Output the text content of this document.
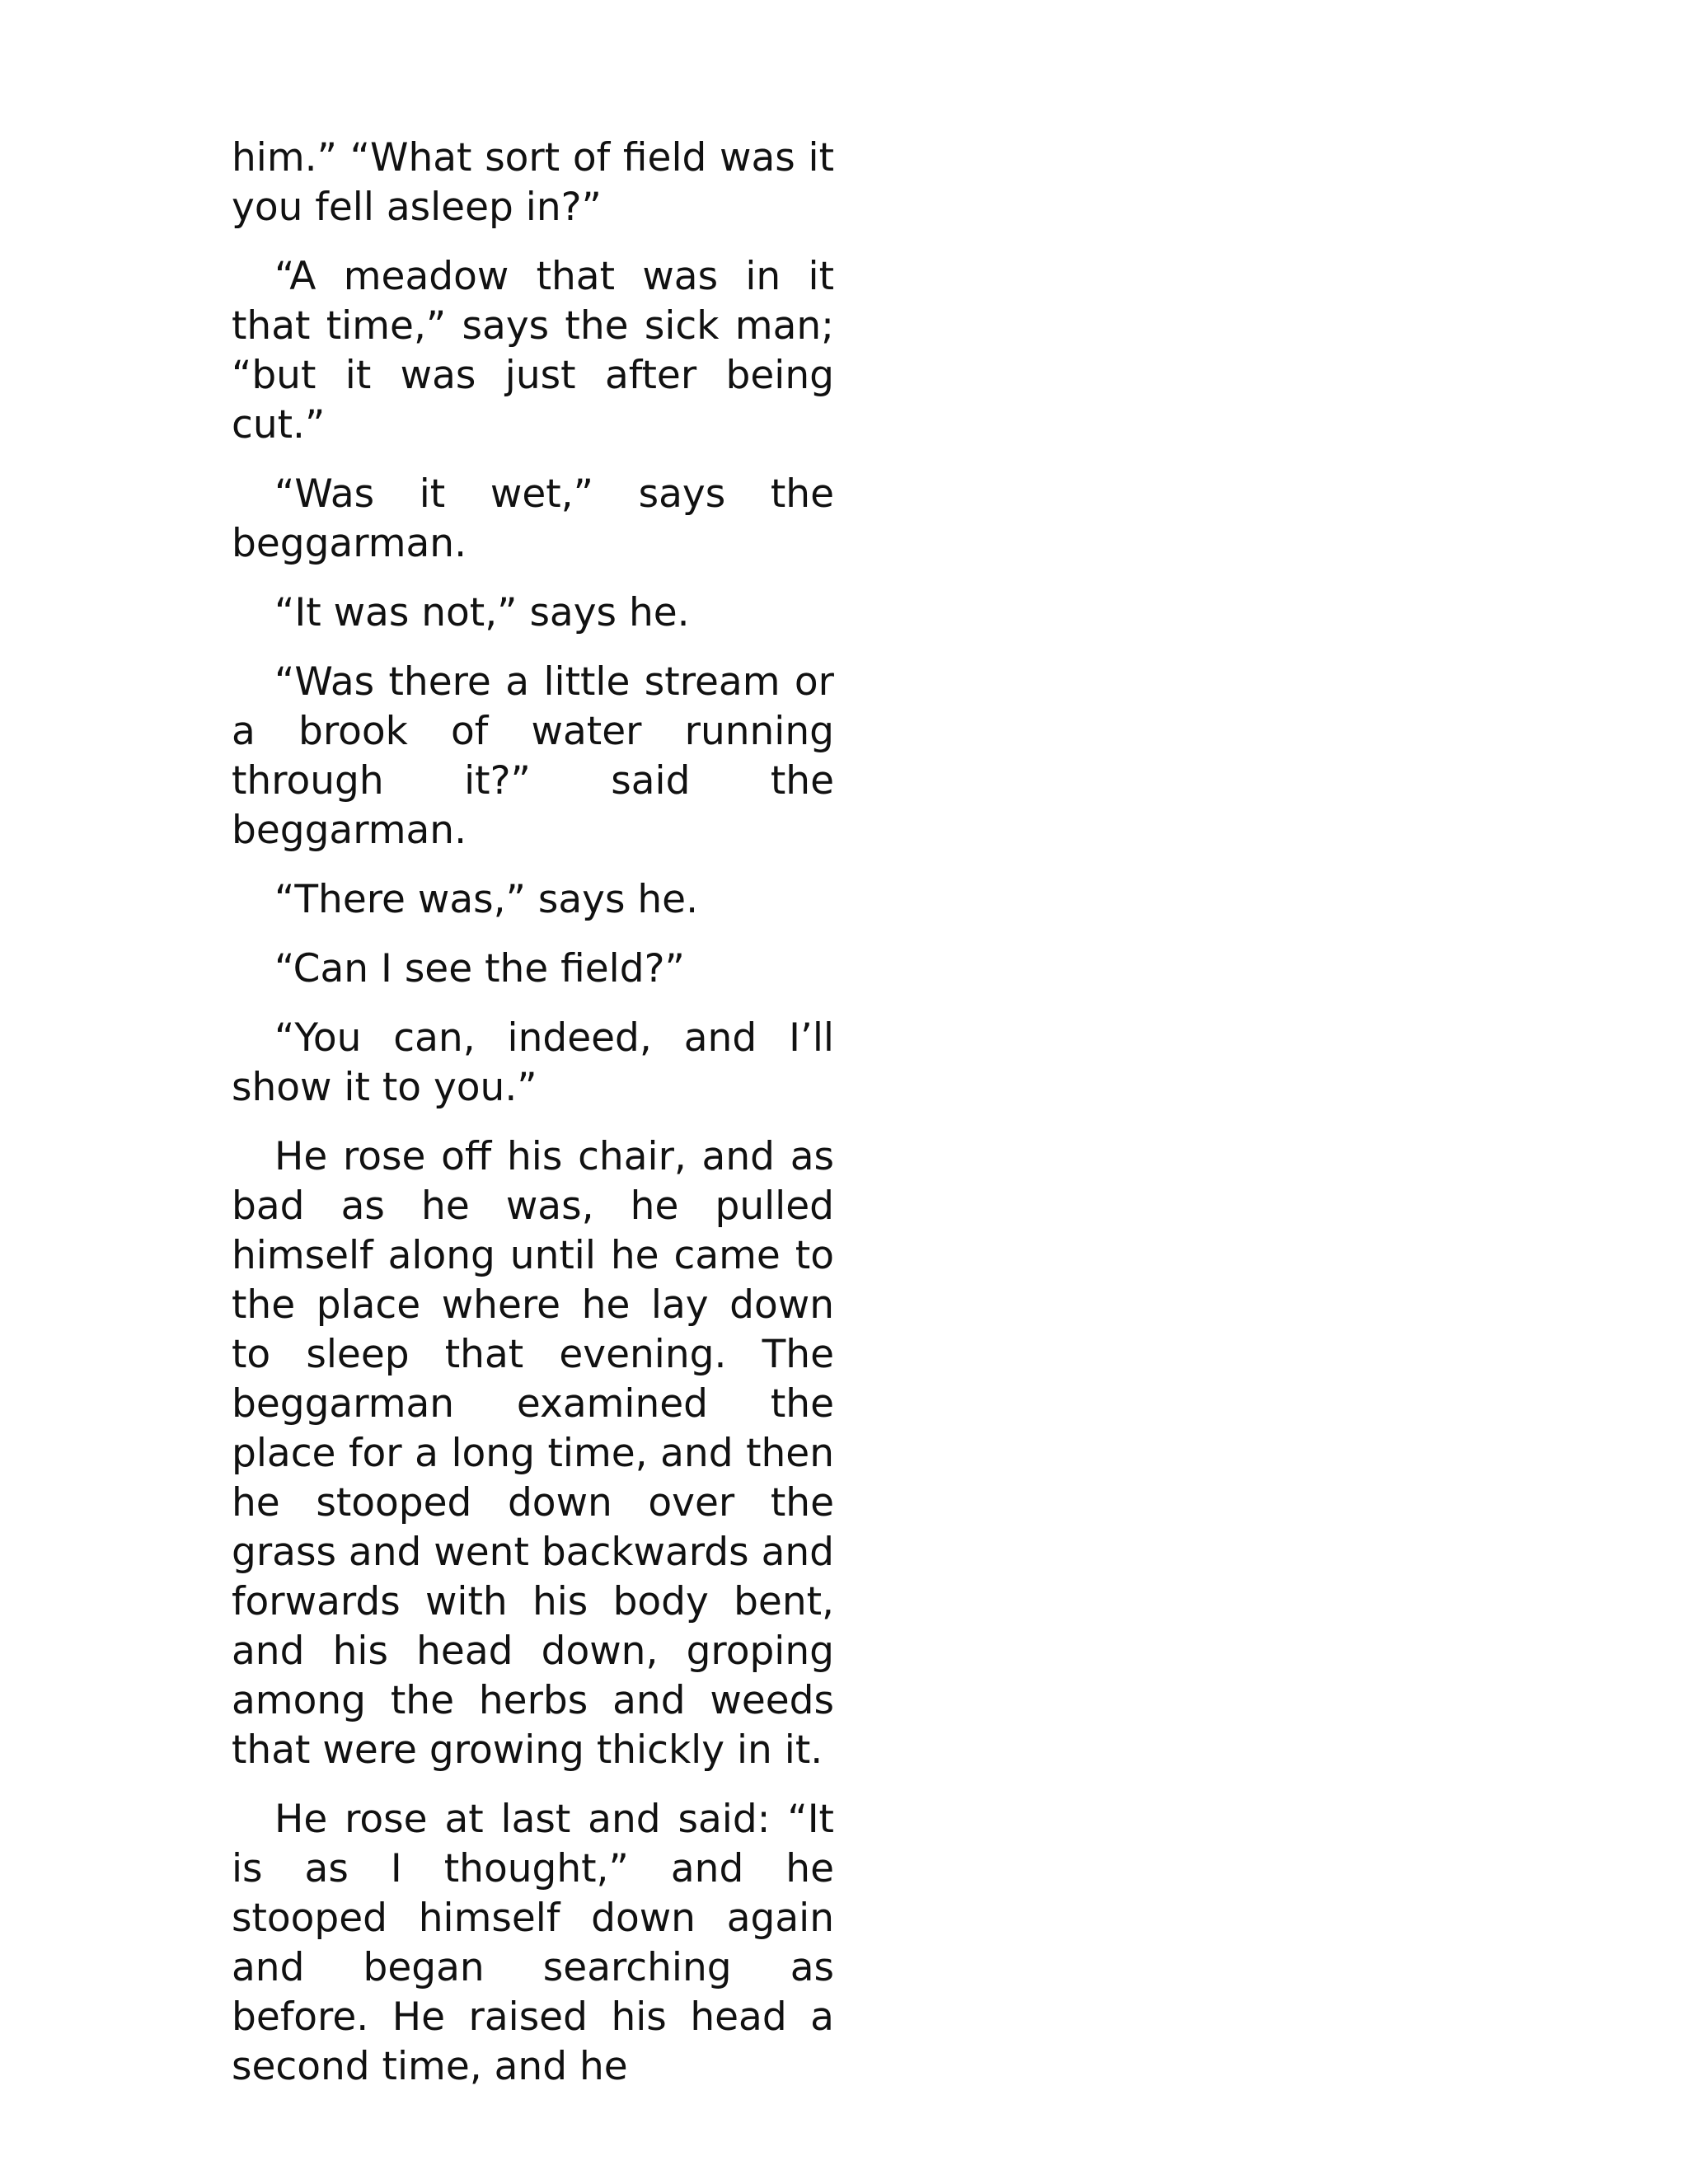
him.” “What sort of field was it

you fell asleep in?”

“A meadow that was in it that time,” says the sick man; “but it was just after being cut.”

“Was it wet,” says the beggarman.

“It was not,” says he.

“Was there a little stream or a brook of water running through it?” said the beggarman.

“There was,” says he.

“Can I see the field?”

“You can, indeed, and I’ll show it to you.”

He rose off his chair, and as bad as he was, he pulled himself along until he came to the place where he lay down to sleep that evening. The beggarman examined the place for a long time, and then he stooped down over the grass and went backwards and forwards with his body bent, and his head down, groping among the herbs and weeds that were growing thickly in it.

He rose at last and said: “It is as I thought,” and he stooped himself down again and began searching as before. He raised his head a second time, and he
